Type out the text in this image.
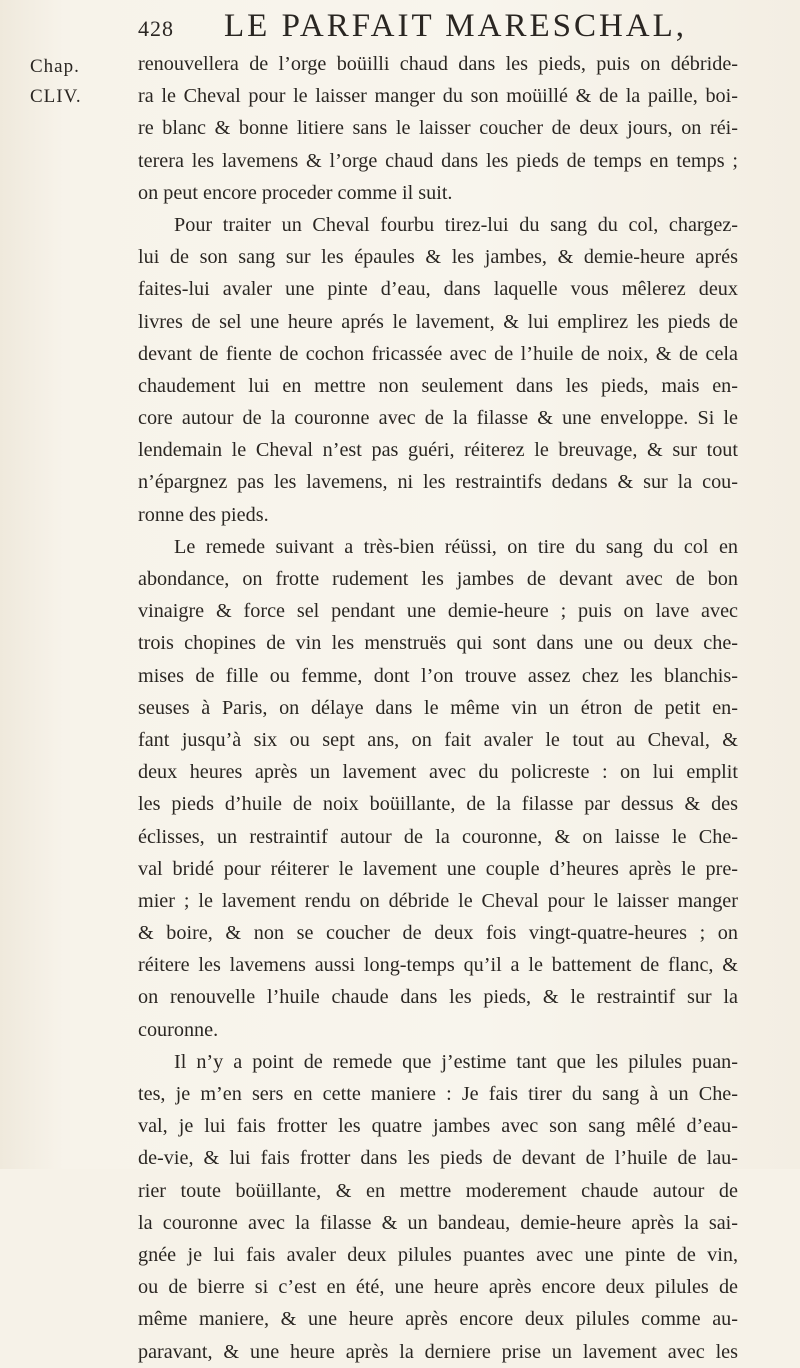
428 LE PARFAIT MARESCHAL,
Chap.
CLIV.
renouvellera de l’orge boüilli chaud dans les pieds, puis on débride-
ra le Cheval pour le laisser manger du son moüillé & de la paille, boi-
re blanc & bonne litiere sans le laisser coucher de deux jours, on réi-
terera les lavemens & l’orge chaud dans les pieds de temps en temps ;
on peut encore proceder comme il suit.
Pour traiter un Cheval fourbu tirez-lui du sang du col, chargez-
lui de son sang sur les épaules & les jambes, & demie-heure aprés
faites-lui avaler une pinte d’eau, dans laquelle vous mêlerez deux
livres de sel une heure aprés le lavement, & lui emplirez les pieds de
devant de fiente de cochon fricassée avec de l’huile de noix, & de cela
chaudement lui en mettre non seulement dans les pieds, mais en-
core autour de la couronne avec de la filasse & une enveloppe. Si le
lendemain le Cheval n’est pas guéri, réiterez le breuvage, & sur tout
n’épargnez pas les lavemens, ni les restraintifs dedans & sur la cou-
ronne des pieds.
Le remede suivant a très-bien réüssi, on tire du sang du col en
abondance, on frotte rudement les jambes de devant avec de bon
vinaigre & force sel pendant une demie-heure ; puis on lave avec
trois chopines de vin les menstruës qui sont dans une ou deux che-
mises de fille ou femme, dont l’on trouve assez chez les blanchis-
seuses à Paris, on délaye dans le même vin un étron de petit en-
fant jusqu’à six ou sept ans, on fait avaler le tout au Cheval, &
deux heures après un lavement avec du policreste : on lui emplit
les pieds d’huile de noix boüillante, de la filasse par dessus & des
éclisses, un restraintif autour de la couronne, & on laisse le Che-
val bridé pour réiterer le lavement une couple d’heures après le pre-
mier ; le lavement rendu on débride le Cheval pour le laisser manger
& boire, & non se coucher de deux fois vingt-quatre-heures ; on
réitere les lavemens aussi long-temps qu’il a le battement de flanc, &
on renouvelle l’huile chaude dans les pieds, & le restraintif sur la
couronne.
Il n’y a point de remede que j’estime tant que les pilules puan-
tes, je m’en sers en cette maniere : Je fais tirer du sang à un Che-
val, je lui fais frotter les quatre jambes avec son sang mêlé d’eau-
de-vie, & lui fais frotter dans les pieds de devant de l’huile de lau-
rier toute boüillante, & en mettre moderement chaude autour de
la couronne avec la filasse & un bandeau, demie-heure après la sai-
gnée je lui fais avaler deux pilules puantes avec une pinte de vin,
ou de bierre si c’est en été, une heure après encore deux pilules de
même maniere, & une heure après encore deux pilules comme au-
paravant, & une heure après la derniere prise un lavement avec les
